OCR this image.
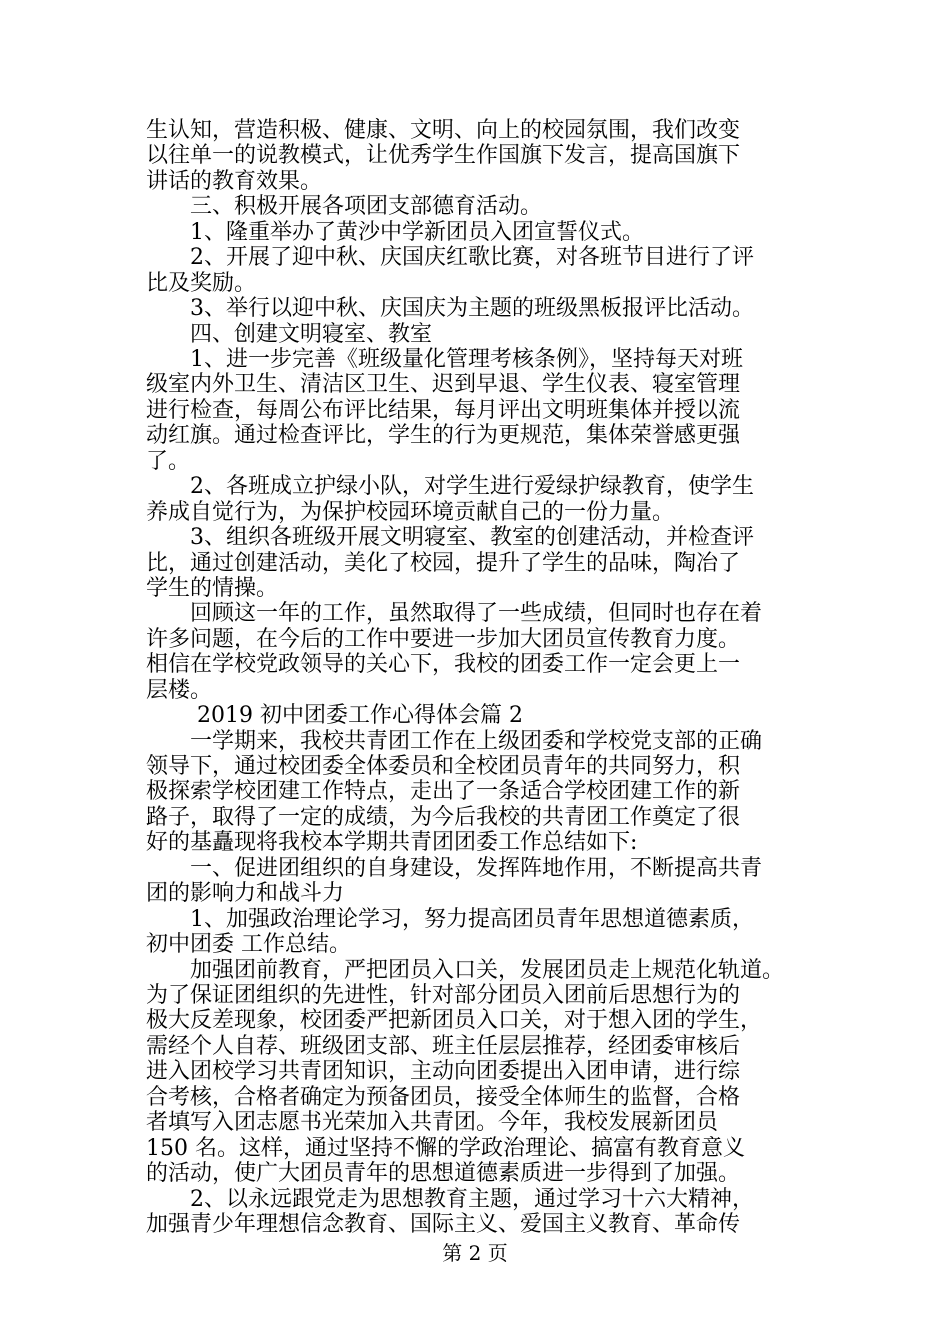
生认知，营造积极、健康、文明、向上的校园氛围，我们改变
以往单一的说教模式，让优秀学生作国旗下发言，提高国旗下
讲话的教育效果。
　　三、积极开展各项团支部德育活动。
　　1、隆重举办了黄沙中学新团员入团宣誓仪式。
　　2、开展了迎中秋、庆国庆红歌比赛，对各班节目进行了评
比及奖励。
　　3、举行以迎中秋、庆国庆为主题的班级黑板报评比活动。
　　四、创建文明寝室、教室
　　1、进一步完善《班级量化管理考核条例》，坚持每天对班
级室内外卫生、清洁区卫生、迟到早退、学生仪表、寝室管理
进行检查，每周公布评比结果，每月评出文明班集体并授以流
动红旗。通过检查评比，学生的行为更规范，集体荣誉感更强
了。
　　2、各班成立护绿小队，对学生进行爱绿护绿教育，使学生
养成自觉行为，为保护校园环境贡献自己的一份力量。
　　3、组织各班级开展文明寝室、教室的创建活动，并检查评
比，通过创建活动，美化了校园，提升了学生的品味，陶冶了
学生的情操。
　　回顾这一年的工作，虽然取得了一些成绩，但同时也存在着
许多问题，在今后的工作中要进一步加大团员宣传教育力度。
相信在学校党政领导的关心下，我校的团委工作一定会更上一
层楼。
　　 2019 初中团委工作心得体会篇 2
　　一学期来，我校共青团工作在上级团委和学校党支部的正确
领导下，通过校团委全体委员和全校团员青年的共同努力，积
极探索学校团建工作特点，走出了一条适合学校团建工作的新
路子，取得了一定的成绩，为今后我校的共青团工作奠定了很
好的基矗现将我校本学期共青团团委工作总结如下:
　　一、促进团组织的自身建设，发挥阵地作用，不断提高共青
团的影响力和战斗力
　　1、加强政治理论学习，努力提高团员青年思想道德素质，
初中团委 工作总结。
　　加强团前教育，严把团员入口关，发展团员走上规范化轨道。
为了保证团组织的先进性，针对部分团员入团前后思想行为的
极大反差现象，校团委严把新团员入口关，对于想入团的学生，
需经个人自荐、班级团支部、班主任层层推荐，经团委审核后
进入团校学习共青团知识，主动向团委提出入团申请，进行综
合考核，合格者确定为预备团员，接受全体师生的监督，合格
者填写入团志愿书光荣加入共青团。今年，我校发展新团员
150 名。这样，通过坚持不懈的学政治理论、搞富有教育意义
的活动，使广大团员青年的思想道德素质进一步得到了加强。
　　2、以永远跟党走为思想教育主题，通过学习十六大精神，
加强青少年理想信念教育、国际主义、爱国主义教育、革命传
第 2 页
